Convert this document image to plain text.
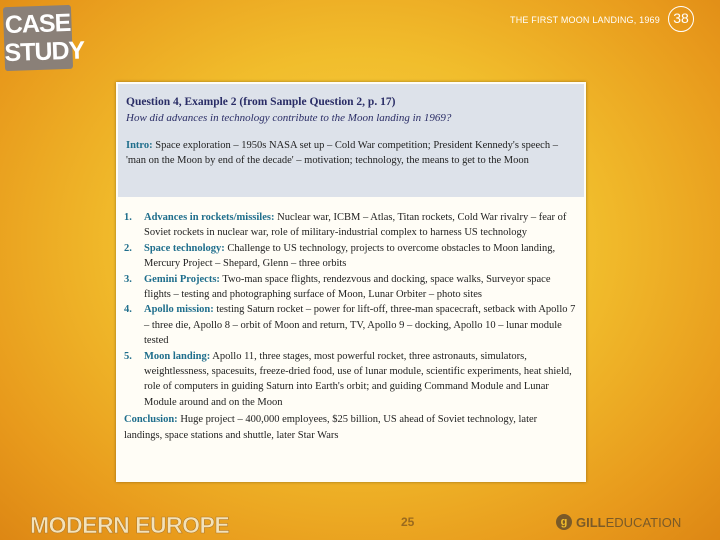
CASE
STUDY
THE FIRST MOON LANDING, 1969 38
Question 4, Example 2 (from Sample Question 2, p. 17)
How did advances in technology contribute to the Moon landing in 1969?
Intro: Space exploration – 1950s NASA set up – Cold War competition; President Kennedy's speech – 'man on the Moon by end of the decade' – motivation; technology, the means to get to the Moon
1.	Advances in rockets/missiles: Nuclear war, ICBM – Atlas, Titan rockets, Cold War rivalry – fear of Soviet rockets in nuclear war, role of military-industrial complex to harness US technology
2.	Space technology: Challenge to US technology, projects to overcome obstacles to Moon landing, Mercury Project – Shepard, Glenn – three orbits
3.	Gemini Projects: Two-man space flights, rendezvous and docking, space walks, Surveyor space flights – testing and photographing surface of Moon, Lunar Orbiter – photo sites
4.	Apollo mission: testing Saturn rocket – power for lift-off, three-man spacecraft, setback with Apollo 7 – three die, Apollo 8 – orbit of Moon and return, TV, Apollo 9 – docking, Apollo 10 – lunar module tested
5.	Moon landing: Apollo 11, three stages, most powerful rocket, three astronauts, simulators, weightlessness, spacesuits, freeze-dried food, use of lunar module, scientific experiments, heat shield, role of computers in guiding Saturn into Earth's orbit; and guiding Command Module and Lunar Module around and on the Moon
Conclusion: Huge project – 400,000 employees, $25 billion, US ahead of Soviet technology, later landings, space stations and shuttle, later Star Wars
MODERN EUROPE	25	g GILL EDUCATION
